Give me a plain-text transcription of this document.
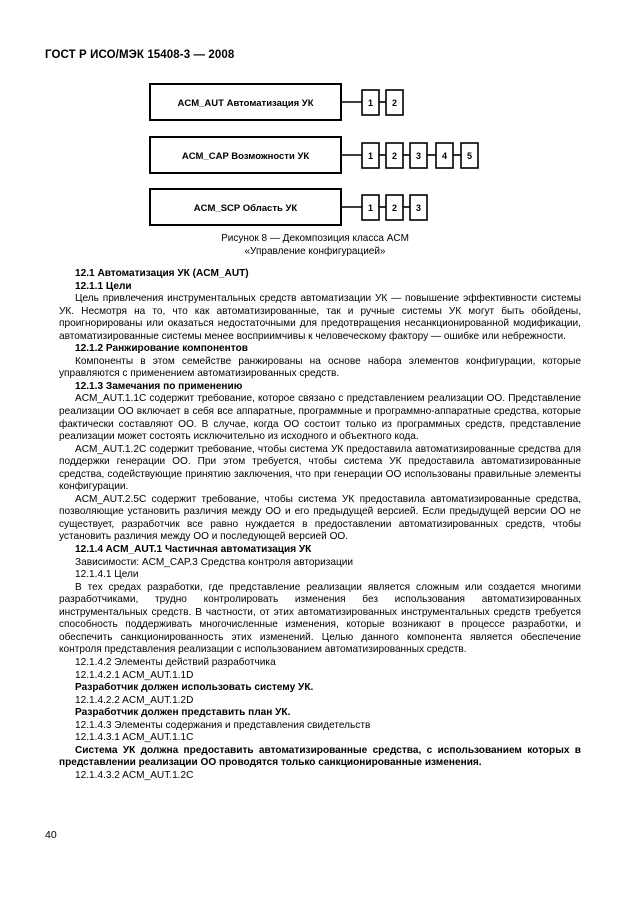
ГОСТ Р ИСО/МЭК 15408-3 — 2008
ACM_AUT Автоматизация УК	1 2
ACM_CAP Возможности УК	1 2 3 4 5
ACM_SCP Область УК	1 2 3
Рисунок 8 — Декомпозиция класса ACM
«Управление конфигурацией»

12.1 Автоматизация УК (ACM_AUT)

12.1.1 Цели

Цель привлечения инструментальных средств автоматизации УК — повышение эффективности системы УК. Несмотря на то, что как автоматизированные, так и ручные системы УК могут быть обойдены, проигнорированы или оказаться недостаточными для предотвращения несанкционированной модификации, автоматизированные системы менее восприимчивы к человеческому фактору — ошибке или небрежности.

12.1.2 Ранжирование компонентов

Компоненты в этом семействе ранжированы на основе набора элементов конфигурации, которые управляются с применением автоматизированных средств.

12.1.3 Замечания по применению

ACM_AUT.1.1C содержит требование, которое связано с представлением реализации ОО. Представление реализации ОО включает в себя все аппаратные, программные и программно-аппаратные средства, которые фактически составляют ОО. В случае, когда ОО состоит только из программных средств, представление реализации может состоять исключительно из исходного и объектного кода.

ACM_AUT.1.2C содержит требование, чтобы система УК предоставила автоматизированные средства для поддержки генерации ОО. При этом требуется, чтобы система УК предоставила автоматизированные средства, содействующие принятию заключения, что при генерации ОО использованы правильные элементы конфигурации.

ACM_AUT.2.5C содержит требование, чтобы система УК предоставила автоматизированные средства, позволяющие установить различия между ОО и его предыдущей версией. Если предыдущей версии ОО не существует, разработчик все равно нуждается в предоставлении автоматизированных средств, чтобы установить различия между ОО и последующей версией ОО.

12.1.4 ACM_AUT.1 Частичная автоматизация УК

Зависимости: ACM_CAP.3 Средства контроля авторизации

12.1.4.1 Цели

В тех средах разработки, где представление реализации является сложным или создается многими разработчиками, трудно контролировать изменения без использования автоматизированных инструментальных средств. В частности, от этих автоматизированных инструментальных средств требуется способность поддерживать многочисленные изменения, которые возникают в процессе разработки, и обеспечить санкционированность этих изменений. Целью данного компонента является обеспечение контроля представления реализации с использованием автоматизированных средств.

12.1.4.2 Элементы действий разработчика

12.1.4.2.1 ACM_AUT.1.1D

Разработчик должен использовать систему УК.

12.1.4.2.2 ACM_AUT.1.2D

Разработчик должен представить план УК.

12.1.4.3 Элементы содержания и представления свидетельств

12.1.4.3.1 ACM_AUT.1.1C

Система УК должна предоставить автоматизированные средства, с использованием которых в представлении реализации ОО проводятся только санкционированные изменения.

12.1.4.3.2 ACM_AUT.1.2C

40
